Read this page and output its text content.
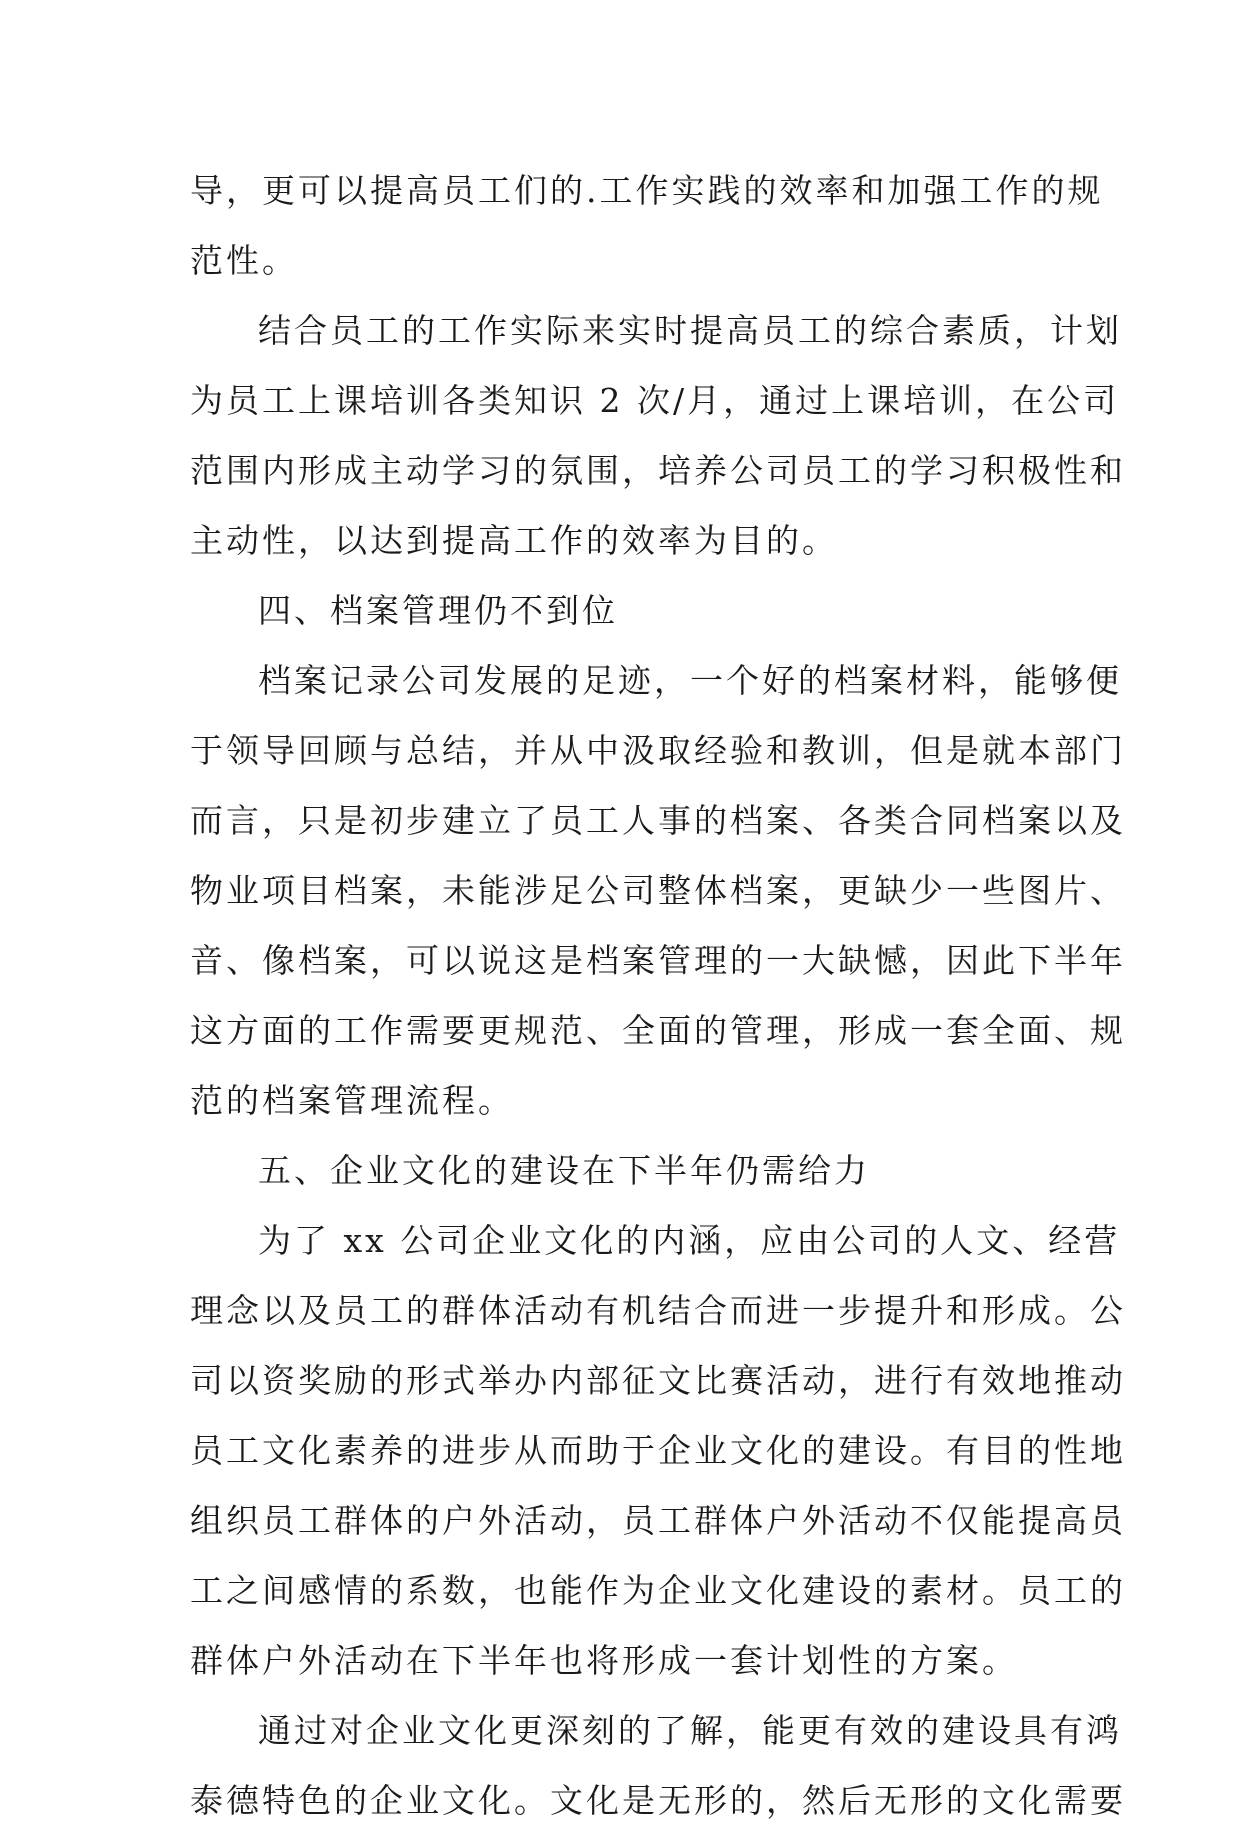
导，更可以提高员工们的.工作实践的效率和加强工作的规
范性。
结合员工的工作实际来实时提高员工的综合素质，计划
为员工上课培训各类知识 2 次/月，通过上课培训，在公司
范围内形成主动学习的氛围，培养公司员工的学习积极性和
主动性，以达到提高工作的效率为目的。
四、档案管理仍不到位
档案记录公司发展的足迹，一个好的档案材料，能够便
于领导回顾与总结，并从中汲取经验和教训，但是就本部门
而言，只是初步建立了员工人事的档案、各类合同档案以及
物业项目档案，未能涉足公司整体档案，更缺少一些图片、
音、像档案，可以说这是档案管理的一大缺憾，因此下半年
这方面的工作需要更规范、全面的管理，形成一套全面、规
范的档案管理流程。
五、企业文化的建设在下半年仍需给力
为了 xx 公司企业文化的内涵，应由公司的人文、经营
理念以及员工的群体活动有机结合而进一步提升和形成。公
司以资奖励的形式举办内部征文比赛活动，进行有效地推动
员工文化素养的进步从而助于企业文化的建设。有目的性地
组织员工群体的户外活动，员工群体户外活动不仅能提高员
工之间感情的系数，也能作为企业文化建设的素材。员工的
群体户外活动在下半年也将形成一套计划性的方案。
通过对企业文化更深刻的了解，能更有效的建设具有鸿
泰德特色的企业文化。文化是无形的，然后无形的文化需要
